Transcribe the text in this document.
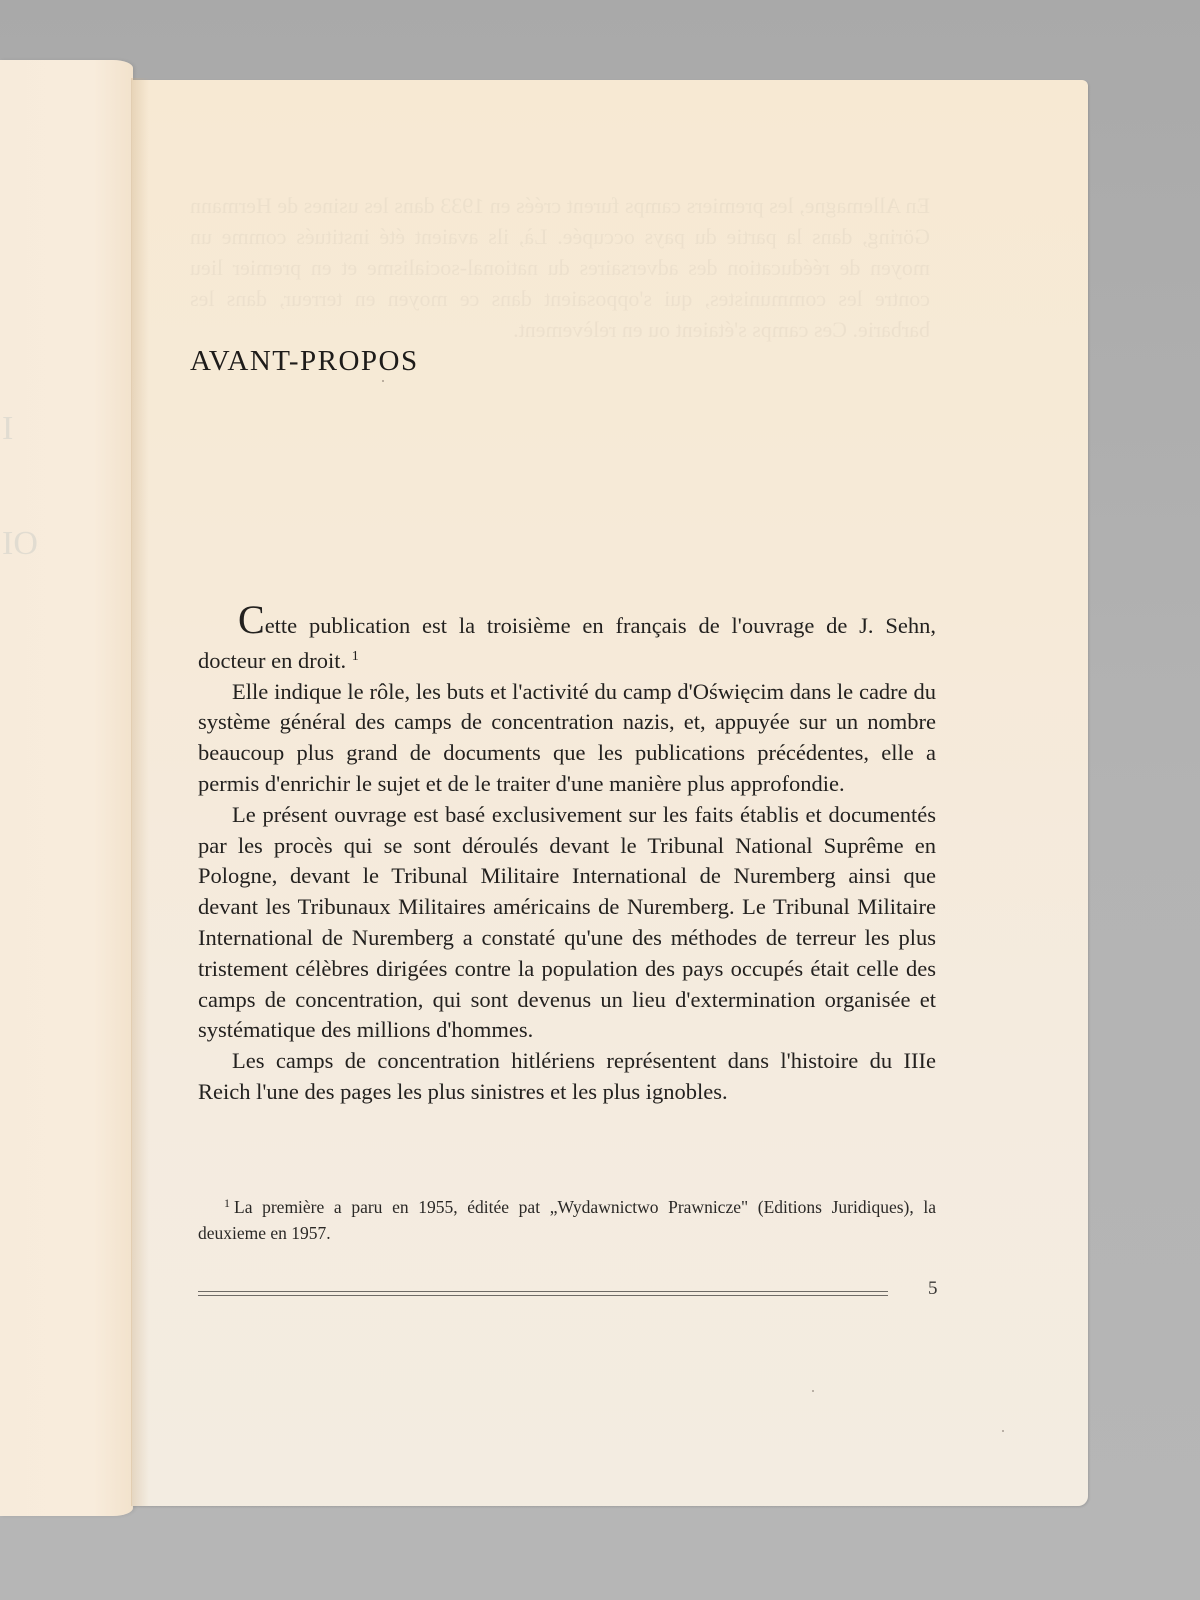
I
IO
En Allemagne, les premiers camps furent créés en 1933 dans les usines de Hermann Göring, dans la partie du pays occupée. Là, ils avaient été institués comme un moyen de rééducation des adversaires du national-socialisme et en premier lieu contre les communistes, qui s'opposaient dans ce moyen en terreur, dans les barbarie. Ces camps s'étaient ou en relèvement.
AVANT-PROPOS

Cette publication est la troisième en français de l'ouvrage de J. Sehn, docteur en droit. $^1$

Elle indique le rôle, les buts et l'activité du camp d'Oświęcim dans le cadre du système général des camps de concentration nazis, et, appuyée sur un nombre beaucoup plus grand de documents que les publications précédentes, elle a permis d'enrichir le sujet et de le traiter d'une manière plus approfondie.

Le présent ouvrage est basé exclusivement sur les faits établis et documentés par les procès qui se sont déroulés devant le Tribunal National Suprême en Pologne, devant le Tribunal Militaire International de Nuremberg ainsi que devant les Tribunaux Militaires américains de Nuremberg. Le Tribunal Militaire International de Nuremberg a constaté qu'une des méthodes de terreur les plus tristement célèbres dirigées contre la population des pays occupés était celle des camps de concentration, qui sont devenus un lieu d'extermination organisée et systématique des millions d'hommes.

Les camps de concentration hitlériens représentent dans l'histoire du IIIe Reich l'une des pages les plus sinistres et les plus ignobles.

$^1$ La première a paru en 1955, éditée pat „Wydawnictwo Prawnicze" (Editions Juridiques), la deuxieme en 1957.

5
